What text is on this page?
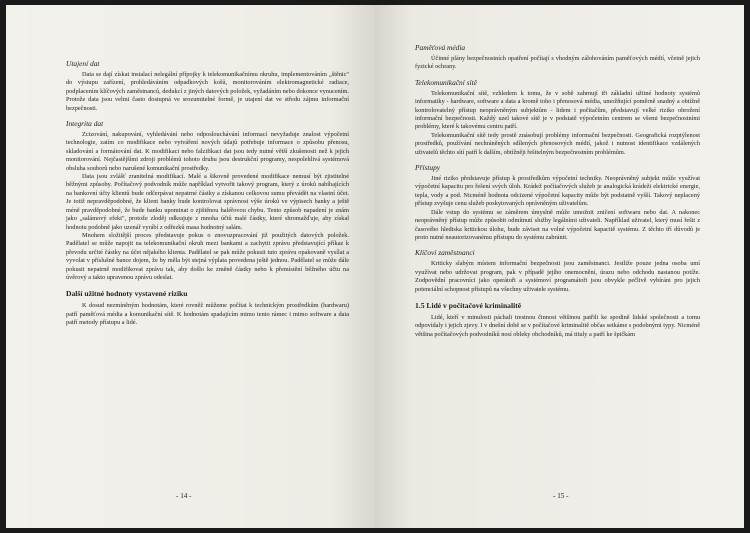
Utajení dat

Data se dají získat instalací nelegální přípojky k telekomunikačnímu okruhu, implementováním „štěnic" do výstupu zařízení, prohledáváním odpadkových košů, monitorováním elektromagnetické radiace, podplacením klíčových zaměstnanců, dedukcí z jiných datových položek, vyžadáním nebo dokonce vynucením. Protože data jsou velmi často dostupná ve srozumitelné formě, je utajení dat ve středu zájmu informační bezpečnosti.

Integrita dat

Zcizování, nakupování, vyhledávání nebo odposlouchávání informací nevyžaduje znalost výpočetní technologie, zatím co modifikace nebo vytváření nových údajů potřebuje informace o způsobu přenosu, skladování a formátování dat. K modifikaci nebo falzifikaci dat jsou tedy nutné větší zkušenosti než k jejich monitorování. Nejčastějšími zdroji problémů tohoto druhu jsou destrukční programy, nespolehlivá systémová obsluha souborů nebo narušené komunikační prostředky.

Data jsou zvlášť zranitelná modifikací. Malé a šikovně provedené modifikace nemusí být zjistitelné běžnými způsoby. Počítačový podvodník může například vytvořit takový program, který z úroků nabíhajících na bankovní účty klientů bude odčerpávat nepatrné částky a získanou celkovou sumu převádět na vlastní účet. Je totiž nepravděpodobné, že klient banky bude kontrolovat správnost výše úroků ve výpisech banky a ještě méně pravděpodobné, že bude banku upominat o zjištěnou haléřovou chybu. Tento způsob napadení je znám jako „salámový efekt", protože zloděj odkrajuje z mnoha účtů malé částky, které shromažďuje, aby získal hodnotu podobně jako uzenář vyrábí z odřezků masa hodnotný salám.

Mnohem složitější proces představuje pokus o znovuzpracování již použitých datových položek. Padělatel se může napojit na telekomunikační okruh mezi bankami a zachytit zprávu představující příkaz k převodu určité částky na účet nějakého klienta. Padělatel se pak může pokusit tuto zprávu opakovaně vysílat a vyvolat v příslušné bance dojem, že by měla být stejná výplata provedena ještě jednou. Padělatel se může dále pokusit nepatrně modifikovat zprávu tak, aby došlo ke změně částky nebo k přemístění běžného účtu na úvěrový a takto upravenou zprávu odeslat.

Další užitné hodnoty vystavené riziku

K dosud nezmíněným hodnotám, které rovněž můžeme počítat k technickým prostředkům (hardwaru) patří paměťová média a komunikační sítě. K hodnotám spadajícím mimo tento rámec i mimo software a data patří metody přístupu a lidé.

- 14 -
Paměťová média

Účinné plány bezpečnostních opatření počítají s vhodným zálohováním paměťových médií, včetně jejich fyzické ochrany.

Telekomunikační sítě

Telekomunikační sítě, vzhledem k tomu, že v sobě zahrnují tři základní užitné hodnoty systémů informatiky - hardware, software a data a kromě toho i přenosová média, umožňující poměrně snadný a obtížně kontrolovatelný přístup neoprávněným subjektům - lidem i počítačům, představují velké riziko ohrožení informační bezpečnosti. Každý uzel takové sítě je v podstatě výpočetním centrem se všemi bezpečnostními problémy, které k takovému centru patří.

Telekomunikační sítě tedy prostě znásobují problémy informační bezpečnosti. Geografická rozptýlenost prostředků, používání nechráněných sdílených přenosových médií, jakož i nutnost identifikace vzdálených uživatelů těchto sítí patří k dalším, obtížněji řešitelným bezpečnostním problémům.

Přístupy

Jiné riziko představuje přístup k prostředkům výpočetní techniky. Neoprávněný subjekt může využívat výpočetní kapacitu pro řešení svých úloh. Krádež počítačových služeb je analogická krádeži elektrické energie, tepla, vody a pod. Nicméně hodnota odcizené výpočetní kapacity může být podstatně vyšší. Takový neplacený přístup zvyšuje cenu služeb poskytovaných oprávněným uživatelům.

Dále vstup do systému se záměrem úmyslně může umožnit zničení softwaru nebo dat. A nakonec neoprávněný přístup může způsobit odmítnutí služby legálními uživateli. Například uživatel, který musí řešit z časového hlediska kritickou úlohu, bude záviset na volné výpočetní kapacitě systému. Z těchto tří důvodů je proto nutné neautorizovanému přístupu do systému zabránit.

Klíčoví zaměstnanci

Kriticky slabým místem informační bezpečnosti jsou zaměstnanci. Jestliže pouze jedna osoba umí využívat nebo udržovat program, pak v případě jejího onemocnění, úrazu nebo odchodu nastanou potíže. Zodpovědní pracovníci jako operátoři a systémoví programátoři jsou obvykle pečlivě vybíráni pro jejich potenciální schopnost přístupů na všechny uživatele systému.

1.5 Lidé v počítačové kriminalitě

Lidé, kteří v minulosti páchali trestnou činnost většinou patřili ke spodině lidské společnosti a tomu odpovídaly i jejich zjevy. I v dnešní době se v počítačové kriminalitě občas setkáme s podobnými typy. Nicméně většina počítačových podvodníků nosí obleky obchodníků, má tituly a patří ke špičkám

- 15 -
